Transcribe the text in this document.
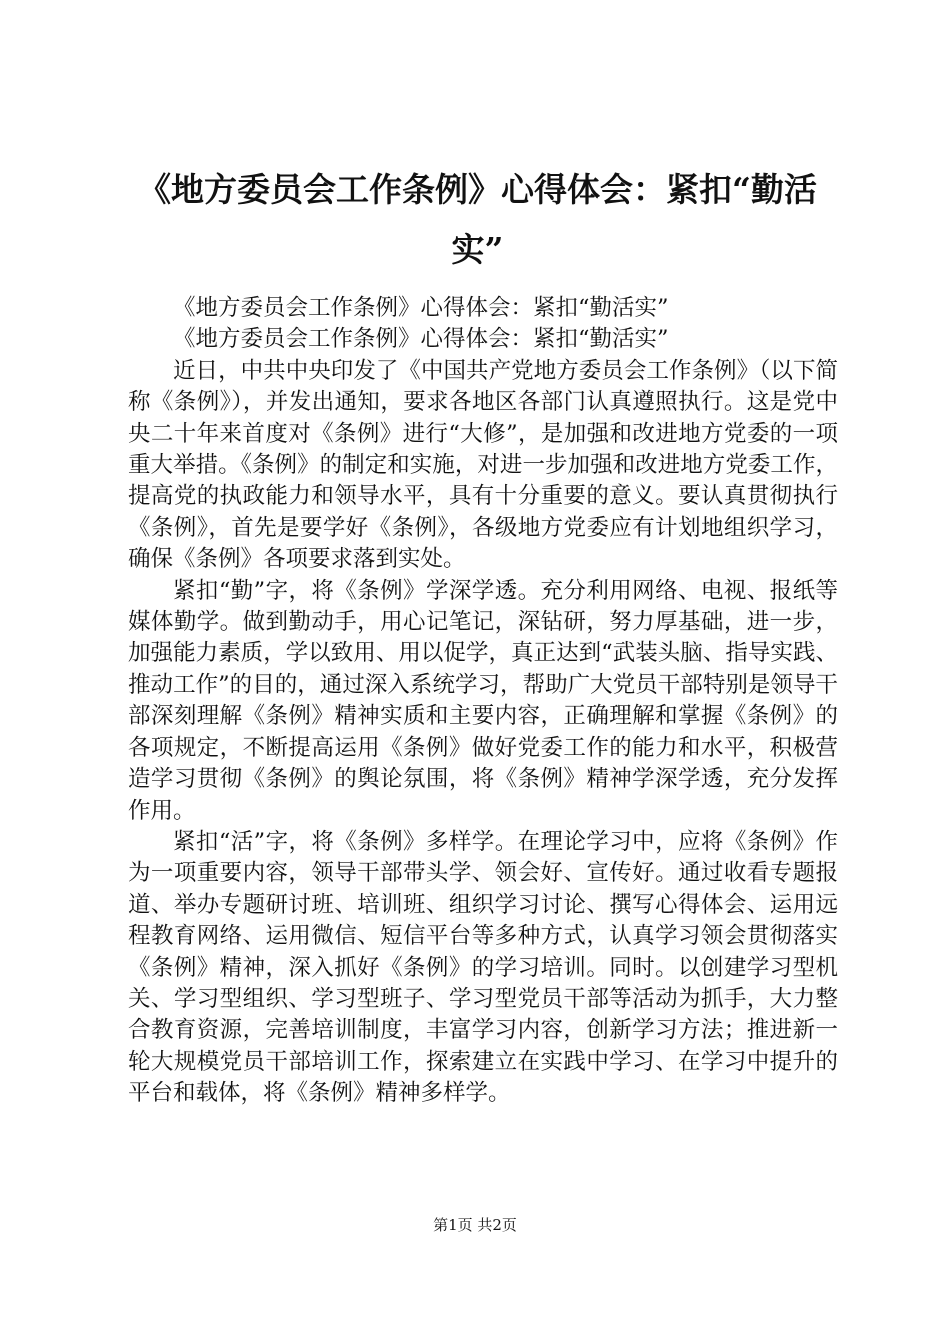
《地方委员会工作条例》心得体会：紧扣“勤活实”

《地方委员会工作条例》心得体会：紧扣“勤活实”

《地方委员会工作条例》心得体会：紧扣“勤活实”

近日，中共中央印发了《中国共产党地方委员会工作条例》（以下简称《条例》），并发出通知，要求各地区各部门认真遵照执行。这是党中央二十年来首度对《条例》进行“大修”，是加强和改进地方党委的一项重大举措。《条例》的制定和实施，对进一步加强和改进地方党委工作，提高党的执政能力和领导水平，具有十分重要的意义。要认真贯彻执行《条例》，首先是要学好《条例》，各级地方党委应有计划地组织学习，确保《条例》各项要求落到实处。

紧扣“勤”字，将《条例》学深学透。充分利用网络、电视、报纸等媒体勤学。做到勤动手，用心记笔记，深钻研，努力厚基础，进一步，加强能力素质，学以致用、用以促学，真正达到“武装头脑、指导实践、推动工作”的目的，通过深入系统学习，帮助广大党员干部特别是领导干部深刻理解《条例》精神实质和主要内容，正确理解和掌握《条例》的各项规定，不断提高运用《条例》做好党委工作的能力和水平，积极营造学习贯彻《条例》的舆论氛围，将《条例》精神学深学透，充分发挥作用。

紧扣“活”字，将《条例》多样学。在理论学习中，应将《条例》作为一项重要内容，领导干部带头学、领会好、宣传好。通过收看专题报道、举办专题研讨班、培训班、组织学习讨论、撰写心得体会、运用远程教育网络、运用微信、短信平台等多种方式，认真学习领会贯彻落实《条例》精神，深入抓好《条例》的学习培训。同时。以创建学习型机关、学习型组织、学习型班子、学习型党员干部等活动为抓手，大力整合教育资源，完善培训制度，丰富学习内容，创新学习方法；推进新一轮大规模党员干部培训工作，探索建立在实践中学习、在学习中提升的平台和载体，将《条例》精神多样学。

第1页 共2页
